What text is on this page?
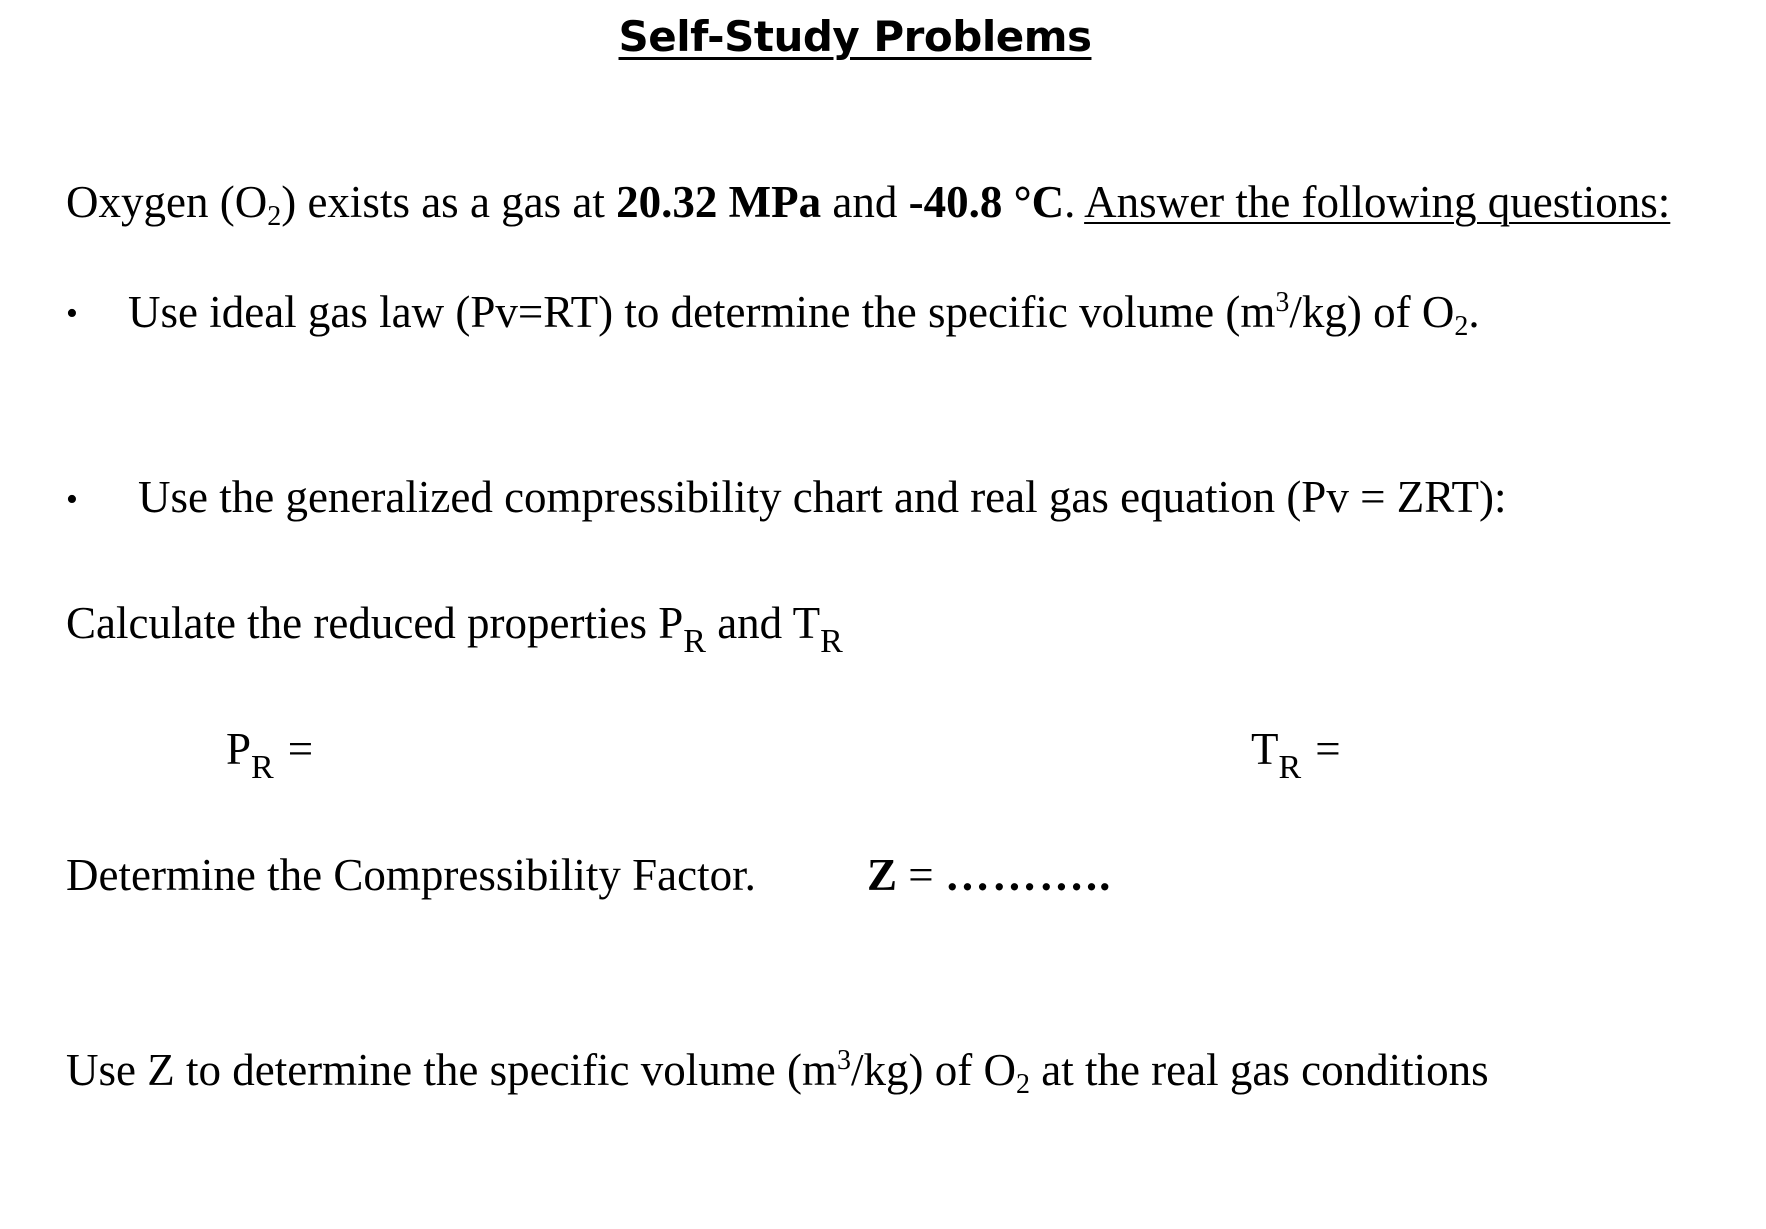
Self-Study Problems
Oxygen $(O_2)$ exists as a gas at 20.32 MPa and -40.8 °C. Answer the following questions:
• Use ideal gas law (Pv=RT) to determine the specific volume $(m^3/kg)$ of $O_2$.
• Use the generalized compressibility chart and real gas equation (Pv = ZRT):
Calculate the reduced properties $P_R$ and $T_R$
$P_R$ =	$T_R$ =
Determine the Compressibility Factor. Z = ………..
Use Z to determine the specific volume $(m^3/kg)$ of $O_2$ at the real gas conditions
